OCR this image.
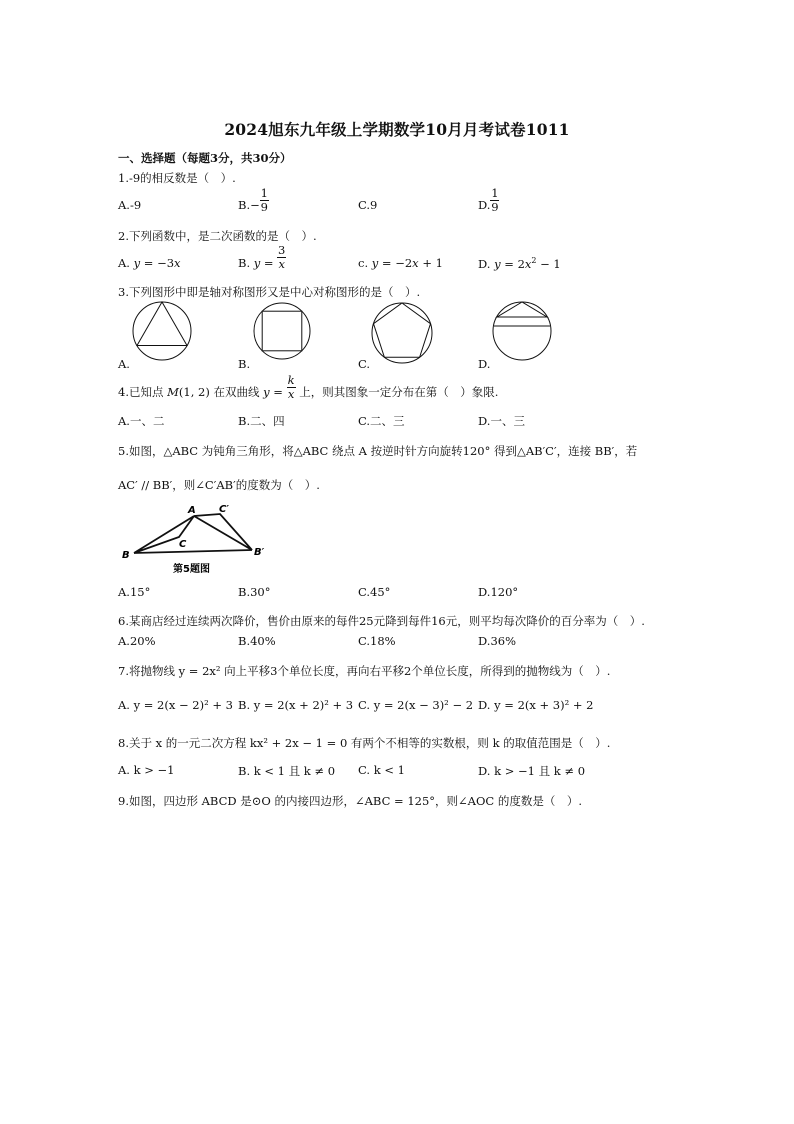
2024旭东九年级上学期数学10月月考试卷1011
一、选择题（每题3分，共30分）
1.-9的相反数是（　）.
A.-9	$B.-\frac{1}{9}$	C.9	$D.\frac{1}{9}$
2.下列函数中，是二次函数的是（　）.
A. y = −3x	B. $y = \frac{3}{x}$	c. y = −2x + 1	D. $y = 2x^2 - 1$
3.下列图形中即是轴对称图形又是中心对称图形的是（　）.
A.	B.	C.	D.
4.已知点 M(1, 2) 在双曲线 $y = \frac{k}{x}$ 上，则其图象一定分布在第（　）象限.
A.一、二	B.二、四	C.二、三	D.一、三
5.如图，△ABC 为钝角三角形，将△ABC 绕点 A 按逆时针方向旋转120° 得到△AB′C′，连接 BB′，若
AC′ // BB′，则∠C′AB′的度数为（　）.
A C′
C
B	B′
第5题图
A.15°	B.30°	C.45°	D.120°
6.某商店经过连续两次降价，售价由原来的每件25元降到每件16元，则平均每次降价的百分率为（　）.
A.20%	B.40%	C.18%	D.36%
7.将抛物线 y = 2x² 向上平移3个单位长度，再向右平移2个单位长度，所得到的抛物线为（　）.
A. y = 2(x − 2)² + 3 B. y = 2(x + 2)² + 3 C. y = 2(x − 3)² − 2 D. y = 2(x + 3)² + 2
8.关于 x 的一元二次方程 kx² + 2x − 1 = 0 有两个不相等的实数根，则 k 的取值范围是（　）.
A. k > −1	B. k < 1 且 k ≠ 0 C. k < 1	D. k > −1 且 k ≠ 0
9.如图，四边形 ABCD 是⊙O 的内接四边形，∠ABC = 125°，则∠AOC 的度数是（　）.
